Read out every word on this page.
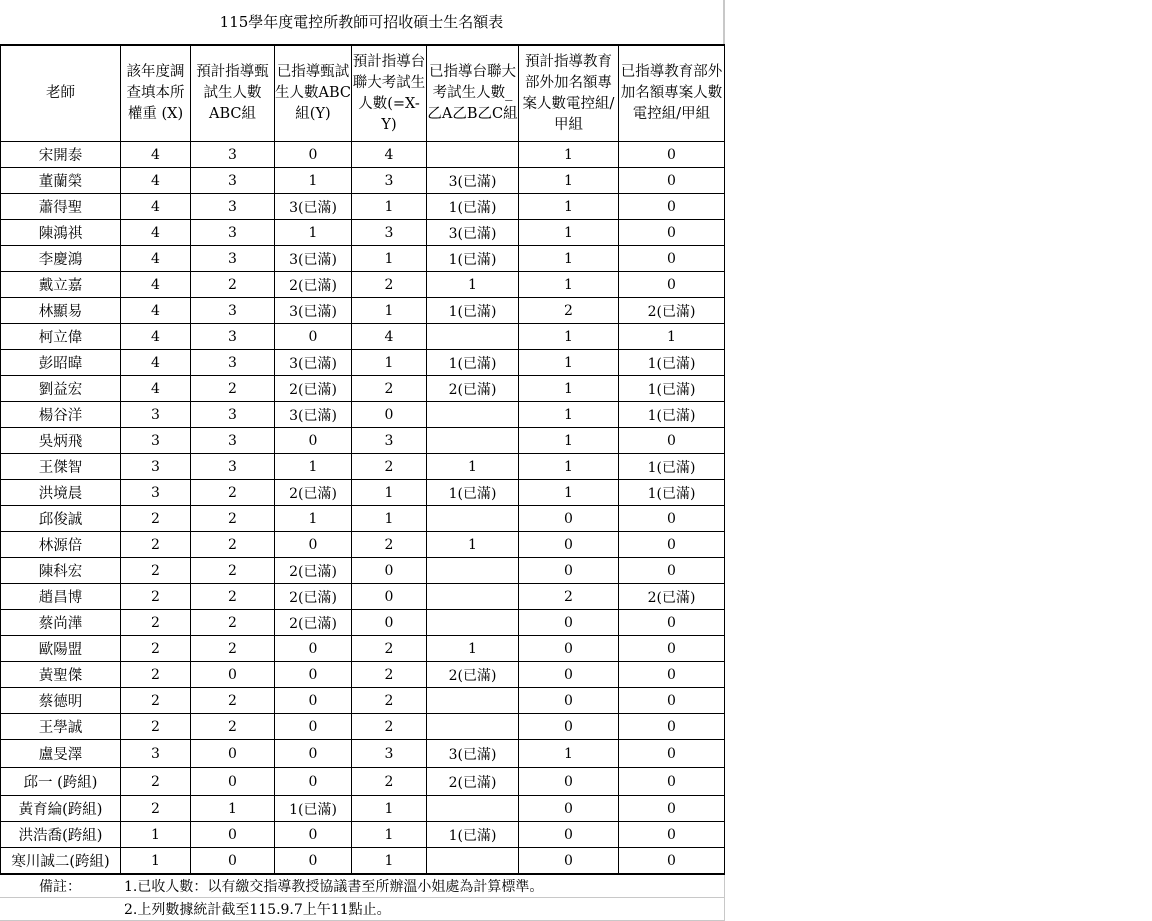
115學年度電控所教師可招收碩士生名額表
老師	該年度調查填本所權重 (X)	預計指導甄試生人數ABC組	已指導甄試生人數ABC組(Y)	預計指導台聯大考試生人數(=X-Y)	已指導台聯大考試生人數_乙A乙B乙C組	預計指導教育部外加名額專案人數電控組/甲組	已指導教育部外加名額專案人數電控組/甲組
宋開泰	4	3	0	4		1	0
董蘭榮	4	3	1	3	3(已滿)	1	0
蕭得聖	4	3	3(已滿)	1	1(已滿)	1	0
陳鴻祺	4	3	1	3	3(已滿)	1	0
李慶鴻	4	3	3(已滿)	1	1(已滿)	1	0
戴立嘉	4	2	2(已滿)	2	1	1	0
林顯易	4	3	3(已滿)	1	1(已滿)	2	2(已滿)
柯立偉	4	3	0	4		1	1
彭昭暐	4	3	3(已滿)	1	1(已滿)	1	1(已滿)
劉益宏	4	2	2(已滿)	2	2(已滿)	1	1(已滿)
楊谷洋	3	3	3(已滿)	0		1	1(已滿)
吳炳飛	3	3	0	3		1	0
王傑智	3	3	1	2	1	1	1(已滿)
洪境晨	3	2	2(已滿)	1	1(已滿)	1	1(已滿)
邱俊誠	2	2	1	1		0	0
林源倍	2	2	0	2	1	0	0
陳科宏	2	2	2(已滿)	0		0	0
趙昌博	2	2	2(已滿)	0		2	2(已滿)
蔡尚澕	2	2	2(已滿)	0		0	0
歐陽盟	2	2	0	2	1	0	0
黃聖傑	2	0	0	2	2(已滿)	0	0
蔡德明	2	2	0	2		0	0
王學誠	2	2	0	2		0	0
盧旻澤	3	0	0	3	3(已滿)	1	0
邱一 (跨組)	2	0	0	2	2(已滿)	0	0
黃育綸(跨組)	2	1	1(已滿)	1		0	0
洪浩喬(跨組)	1	0	0	1	1(已滿)	0	0
寒川誠二(跨組)	1	0	0	1		0	0
備註：	1.已收人數：以有繳交指導教授協議書至所辦溫小姐處為計算標準。
	2.上列數據統計截至115.9.7上午11點止。
